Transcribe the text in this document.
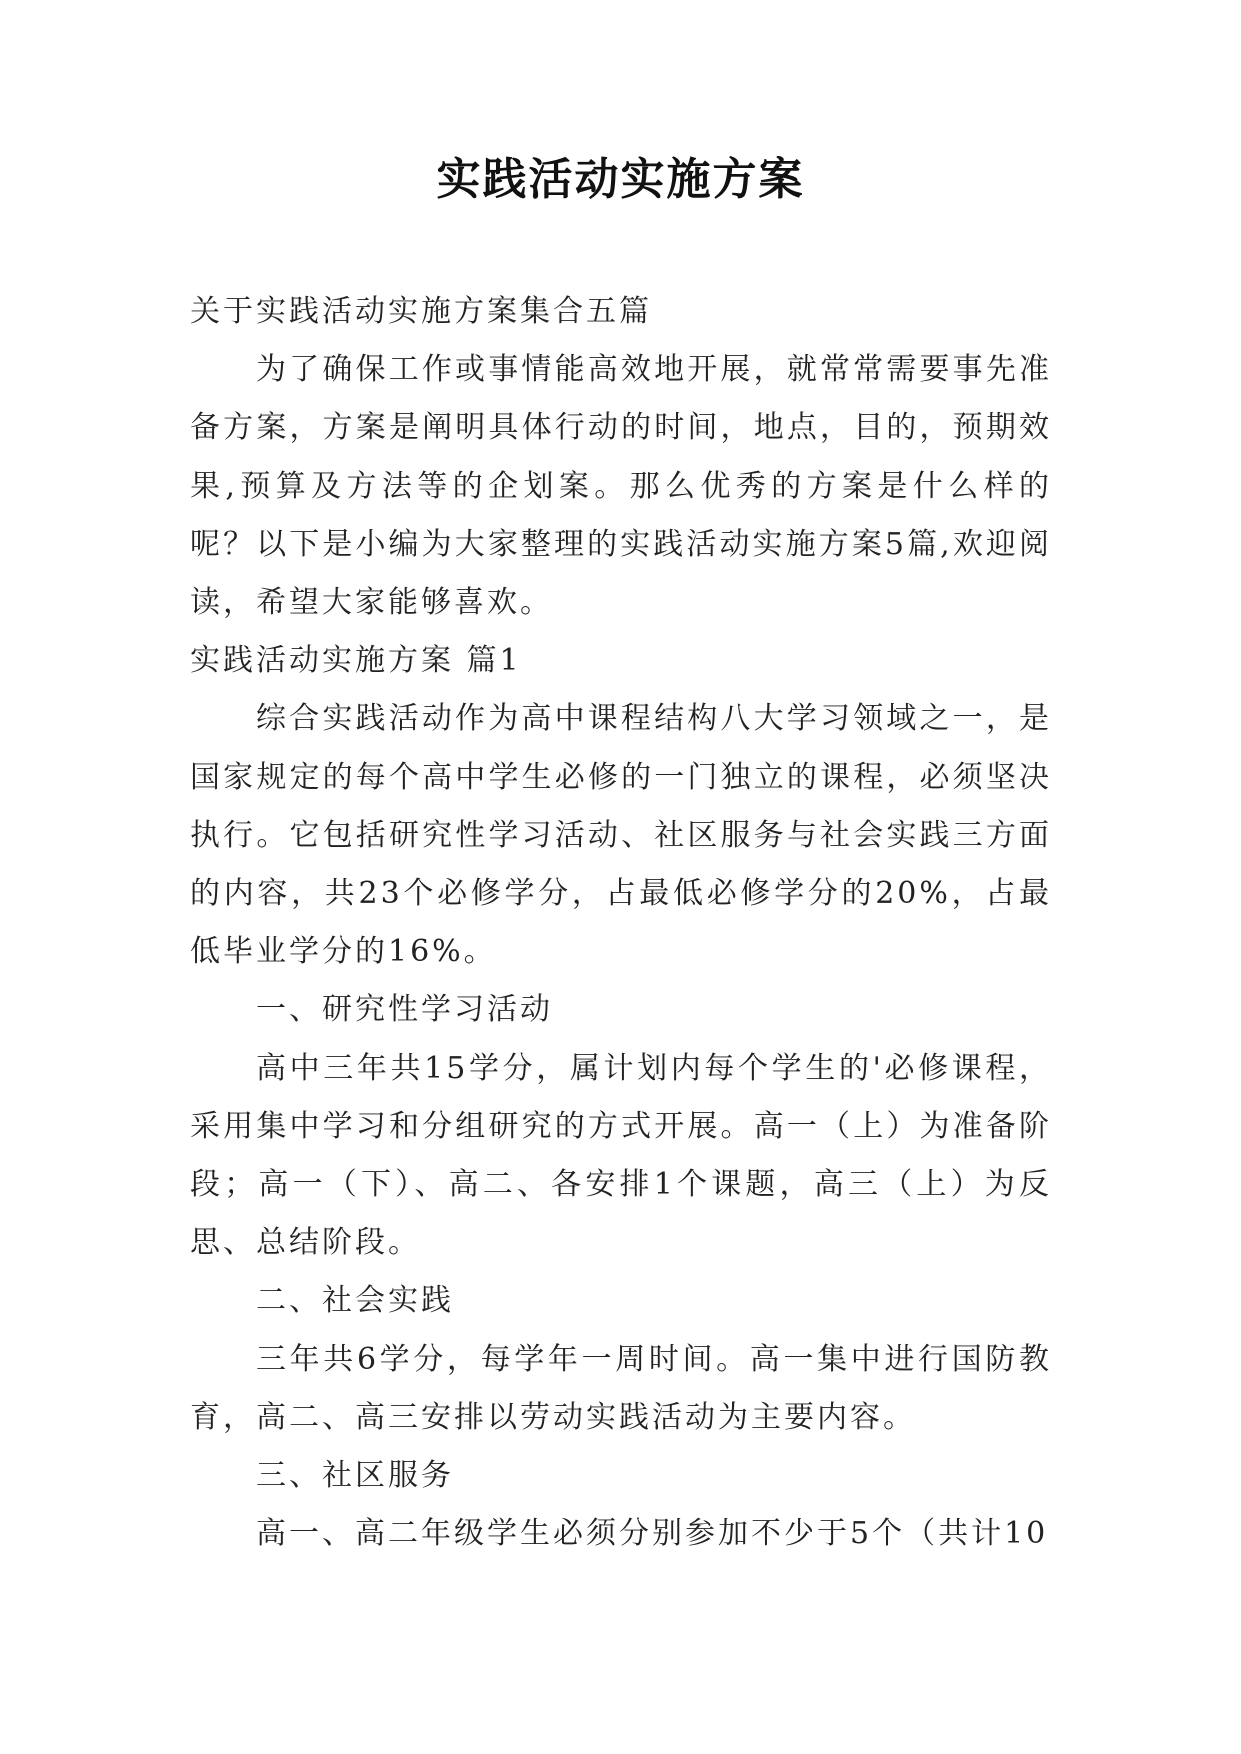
实践活动实施方案

关于实践活动实施方案集合五篇

为了确保工作或事情能高效地开展，就常常需要事先准备方案，方案是阐明具体行动的时间，地点，目的，预期效果,预算及方法等的企划案。那么优秀的方案是什么样的呢？以下是小编为大家整理的实践活动实施方案5篇,欢迎阅读，希望大家能够喜欢。

实践活动实施方案 篇1

综合实践活动作为高中课程结构八大学习领域之一，是国家规定的每个高中学生必修的一门独立的课程，必须坚决执行。它包括研究性学习活动、社区服务与社会实践三方面的内容，共23个必修学分，占最低必修学分的20%，占最低毕业学分的16%。

一、研究性学习活动

高中三年共15学分，属计划内每个学生的'必修课程，采用集中学习和分组研究的方式开展。高一（上）为准备阶段；高一（下）、高二、各安排1个课题，高三（上）为反思、总结阶段。

二、社会实践

三年共6学分，每学年一周时间。高一集中进行国防教育，高二、高三安排以劳动实践活动为主要内容。

三、社区服务

高一、高二年级学生必须分别参加不少于5个（共计10
